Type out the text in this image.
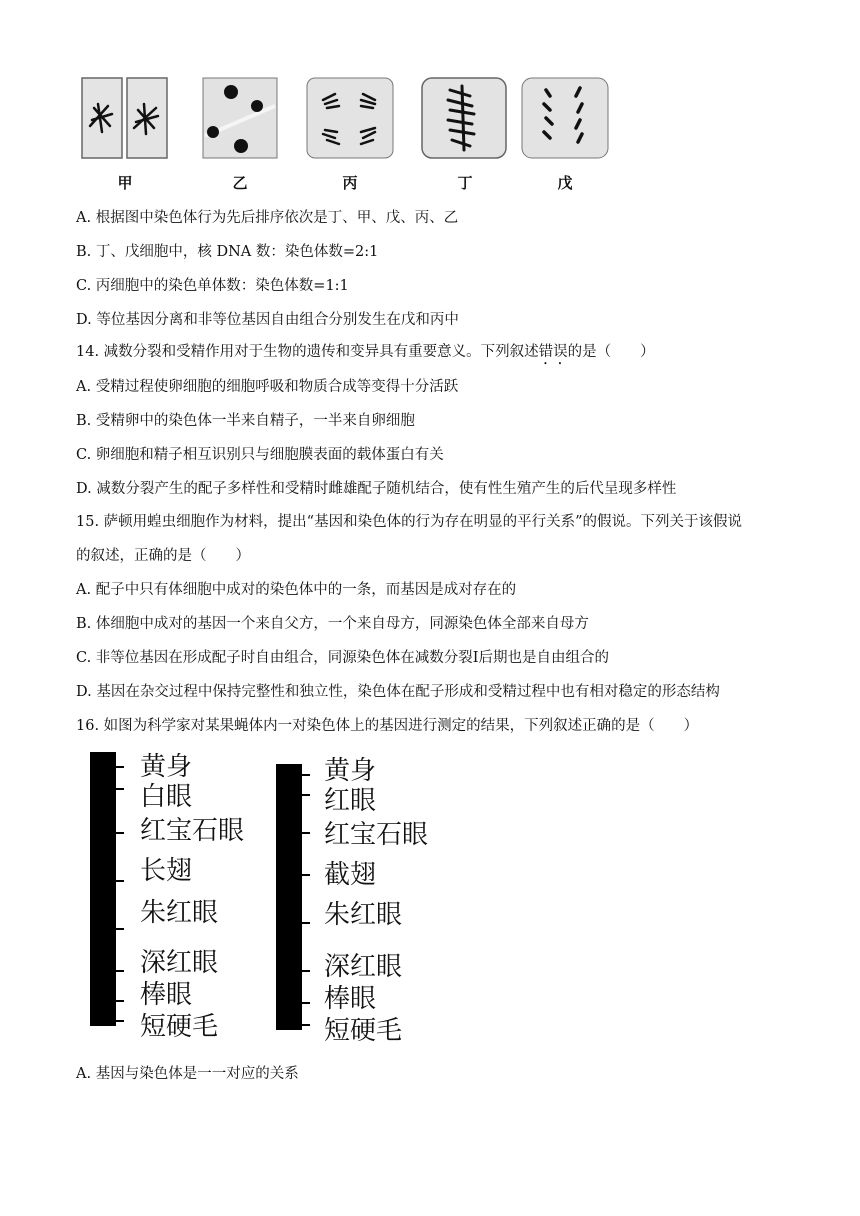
甲	乙	丙	丁	戊
A. 根据图中染色体行为先后排序依次是丁、甲、戊、丙、乙
B. 丁、戊细胞中，核 DNA 数：染色体数=2:1
C. 丙细胞中的染色单体数：染色体数=1:1
D. 等位基因分离和非等位基因自由组合分别发生在戊和丙中
14. 减数分裂和受精作用对于生物的遗传和变异具有重要意义。下列叙述错误的是（　　）
A. 受精过程使卵细胞的细胞呼吸和物质合成等变得十分活跃
B. 受精卵中的染色体一半来自精子，一半来自卵细胞
C. 卵细胞和精子相互识别只与细胞膜表面的载体蛋白有关
D. 减数分裂产生的配子多样性和受精时雌雄配子随机结合，使有性生殖产生的后代呈现多样性
15. 萨顿用蝗虫细胞作为材料，提出“基因和染色体的行为存在明显的平行关系”的假说。下列关于该假说
的叙述，正确的是（　　）
A. 配子中只有体细胞中成对的染色体中的一条，而基因是成对存在的
B. 体细胞中成对的基因一个来自父方，一个来自母方，同源染色体全部来自母方
C. 非等位基因在形成配子时自由组合，同源染色体在减数分裂Ⅰ后期也是自由组合的
D. 基因在杂交过程中保持完整性和独立性，染色体在配子形成和受精过程中也有相对稳定的形态结构
16. 如图为科学家对某果蝇体内一对染色体上的基因进行测定的结果，下列叙述正确的是（　　）
黄身
白眼
红宝石眼
长翅
朱红眼
深红眼
棒眼
短硬毛
黄身
红眼
红宝石眼
截翅
朱红眼
深红眼
棒眼
短硬毛
A. 基因与染色体是一一对应的关系
